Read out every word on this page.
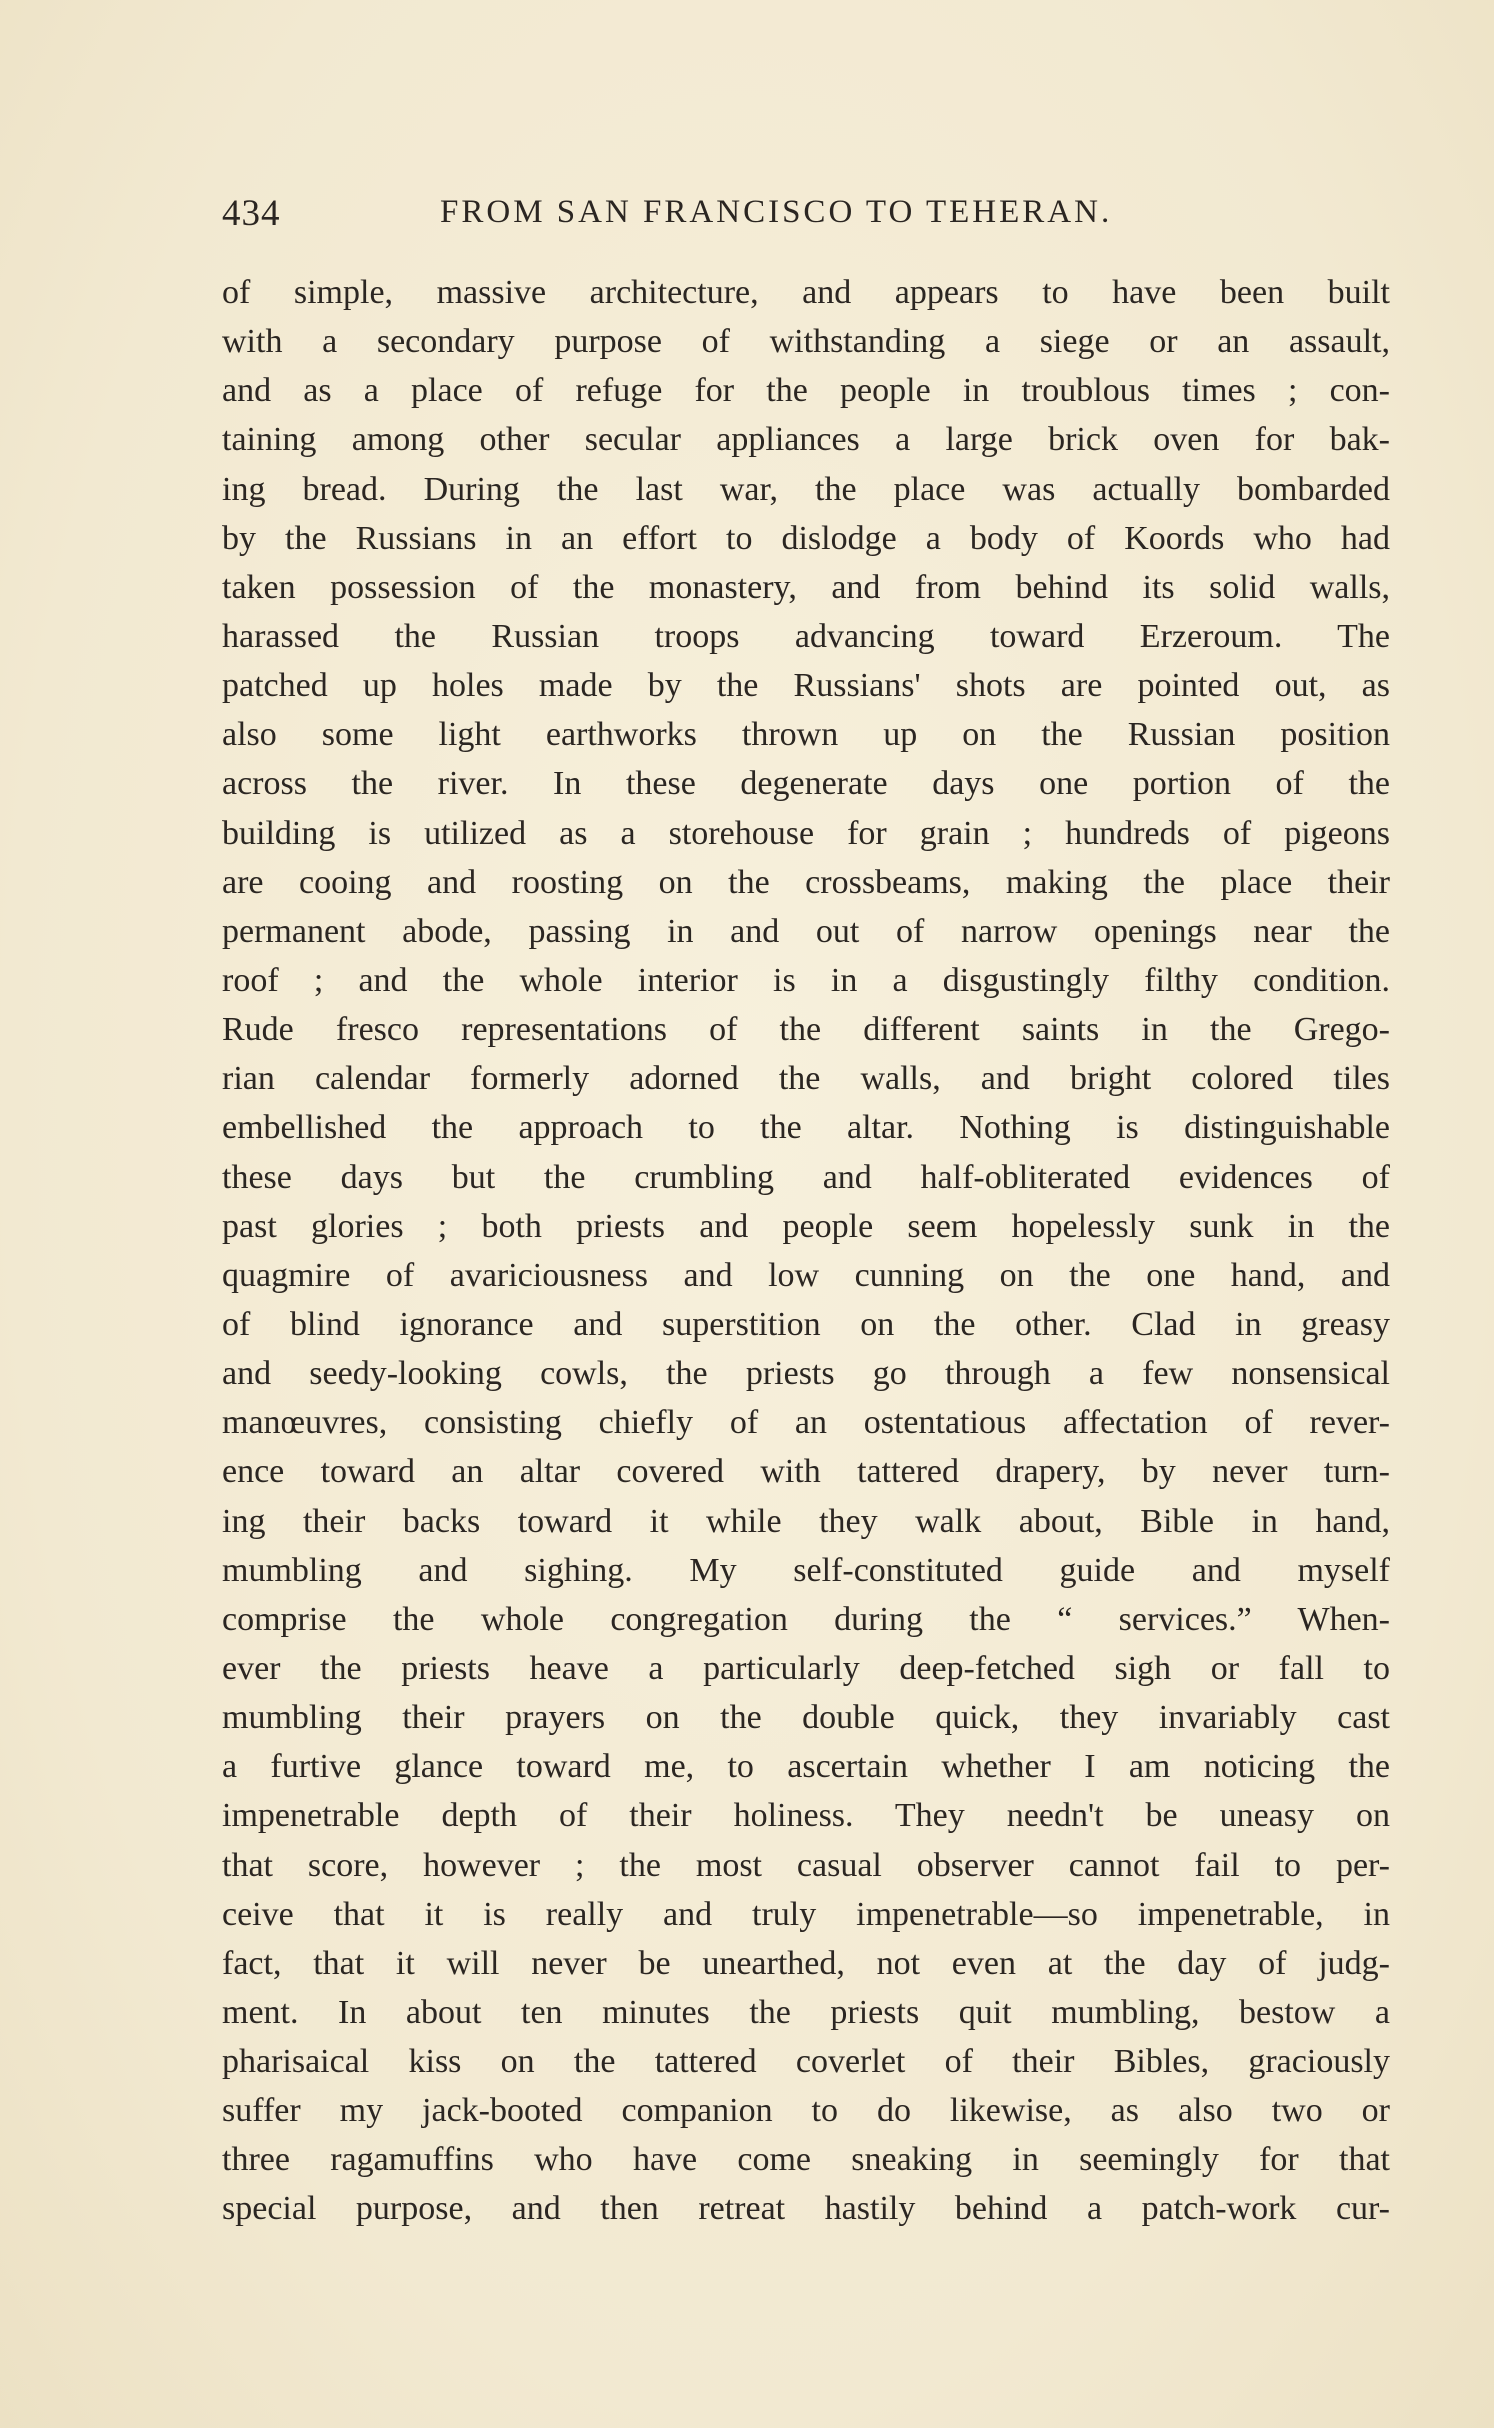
434	FROM SAN FRANCISCO TO TEHERAN.
of simple, massive architecture, and appears to have been built
with a secondary purpose of withstanding a siege or an assault,
and as a place of refuge for the people in troublous times ; con-
taining among other secular appliances a large brick oven for bak-
ing bread. During the last war, the place was actually bombarded
by the Russians in an effort to dislodge a body of Koords who had
taken possession of the monastery, and from behind its solid walls,
harassed the Russian troops advancing toward Erzeroum. The
patched up holes made by the Russians' shots are pointed out, as
also some light earthworks thrown up on the Russian position
across the river. In these degenerate days one portion of the
building is utilized as a storehouse for grain ; hundreds of pigeons
are cooing and roosting on the crossbeams, making the place their
permanent abode, passing in and out of narrow openings near the
roof ; and the whole interior is in a disgustingly filthy condition.
Rude fresco representations of the different saints in the Grego-
rian calendar formerly adorned the walls, and bright colored tiles
embellished the approach to the altar. Nothing is distinguishable
these days but the crumbling and half-obliterated evidences of
past glories ; both priests and people seem hopelessly sunk in the
quagmire of avariciousness and low cunning on the one hand, and
of blind ignorance and superstition on the other. Clad in greasy
and seedy-looking cowls, the priests go through a few nonsensical
manœuvres, consisting chiefly of an ostentatious affectation of rever-
ence toward an altar covered with tattered drapery, by never turn-
ing their backs toward it while they walk about, Bible in hand,
mumbling and sighing. My self-constituted guide and myself
comprise the whole congregation during the “ services.” When-
ever the priests heave a particularly deep-fetched sigh or fall to
mumbling their prayers on the double quick, they invariably cast
a furtive glance toward me, to ascertain whether I am noticing the
impenetrable depth of their holiness. They needn't be uneasy on
that score, however ; the most casual observer cannot fail to per-
ceive that it is really and truly impenetrable—so impenetrable, in
fact, that it will never be unearthed, not even at the day of judg-
ment. In about ten minutes the priests quit mumbling, bestow a
pharisaical kiss on the tattered coverlet of their Bibles, graciously
suffer my jack-booted companion to do likewise, as also two or
three ragamuffins who have come sneaking in seemingly for that
special purpose, and then retreat hastily behind a patch-work cur-
